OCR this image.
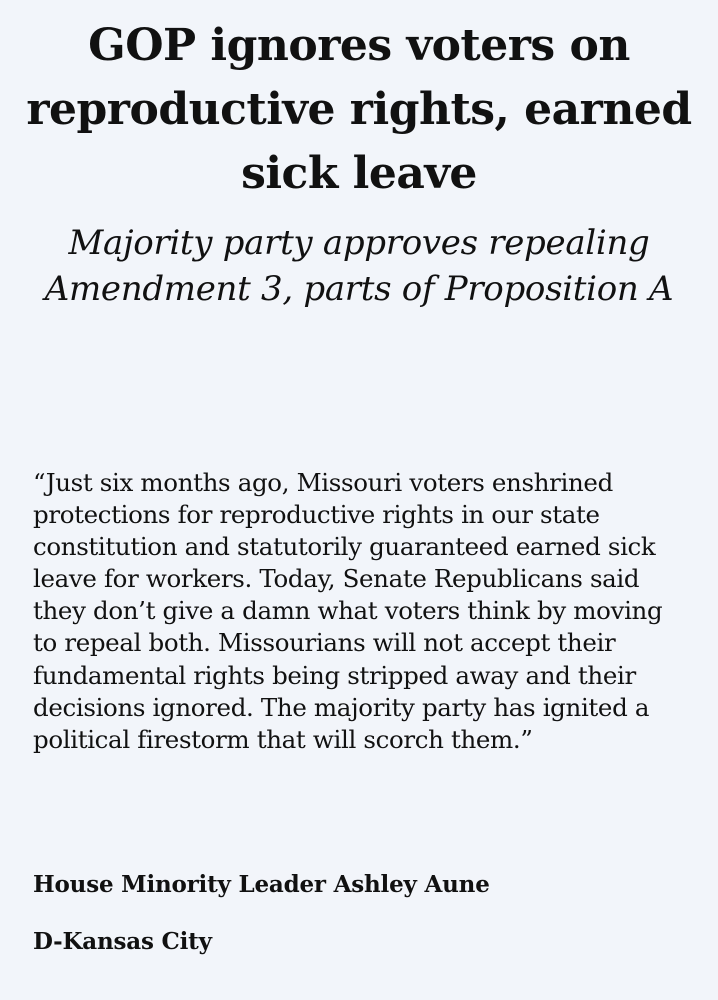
GOP ignores voters on reproductive rights, earned sick leave
Majority party approves repealing Amendment 3, parts of Proposition A

“Just six months ago, Missouri voters enshrined protections for reproductive rights in our state constitution and statutorily guaranteed earned sick leave for workers. Today, Senate Republicans said they don’t give a damn what voters think by moving to repeal both. Missourians will not accept their fundamental rights being stripped away and their decisions ignored. The majority party has ignited a political firestorm that will scorch them.”

House Minority Leader Ashley Aune

D-Kansas City
